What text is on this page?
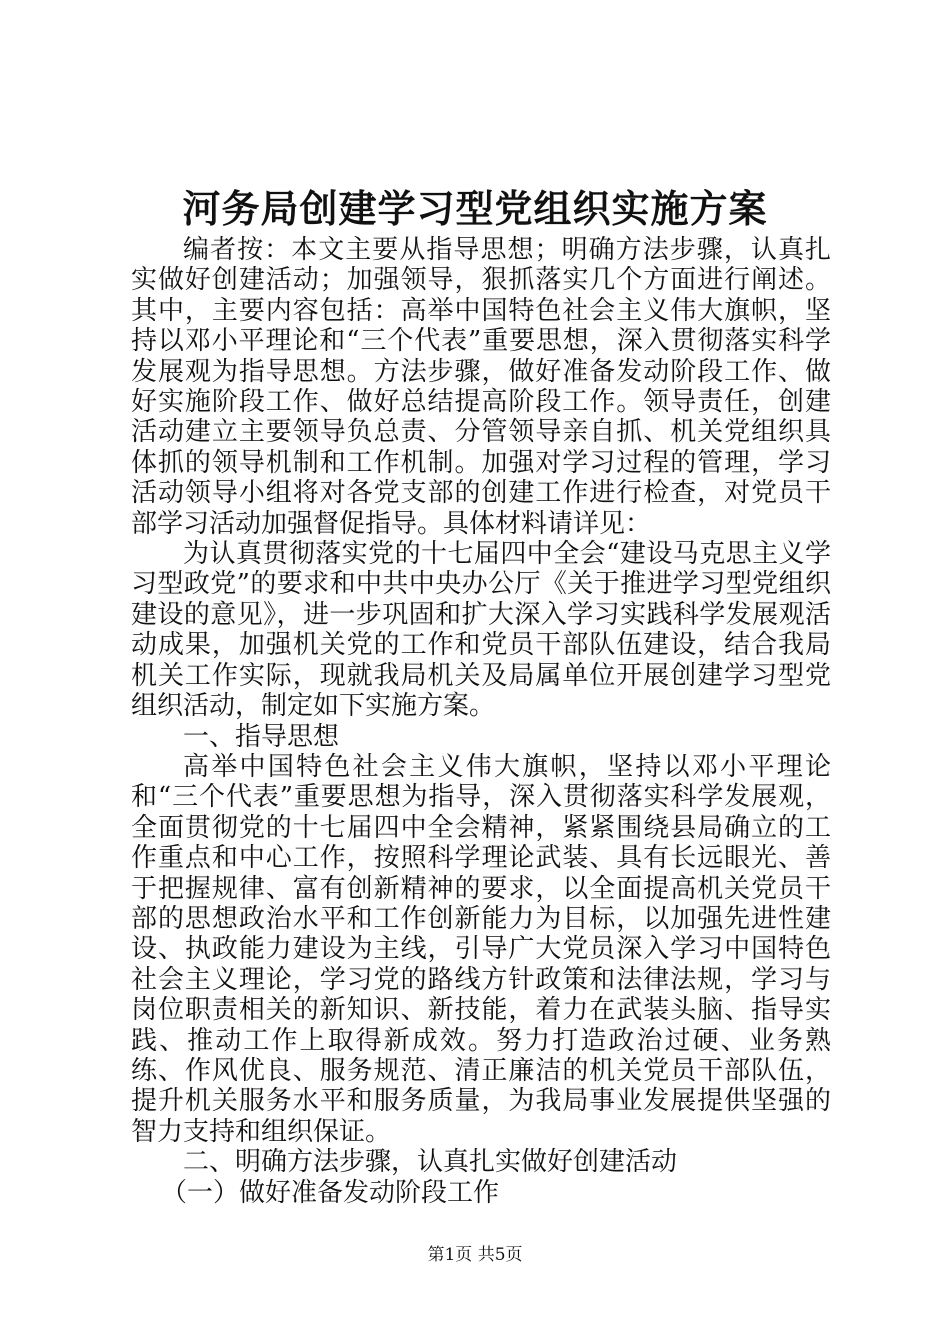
河务局创建学习型党组织实施方案

编者按：本文主要从指导思想；明确方法步骤，认真扎实做好创建活动；加强领导，狠抓落实几个方面进行阐述。其中，主要内容包括：高举中国特色社会主义伟大旗帜，坚持以邓小平理论和“三个代表”重要思想，深入贯彻落实科学发展观为指导思想。方法步骤，做好准备发动阶段工作、做好实施阶段工作、做好总结提高阶段工作。领导责任，创建活动建立主要领导负总责、分管领导亲自抓、机关党组织具体抓的领导机制和工作机制。加强对学习过程的管理，学习活动领导小组将对各党支部的创建工作进行检查，对党员干部学习活动加强督促指导。具体材料请详见：

为认真贯彻落实党的十七届四中全会“建设马克思主义学习型政党”的要求和中共中央办公厅《关于推进学习型党组织建设的意见》，进一步巩固和扩大深入学习实践科学发展观活动成果，加强机关党的工作和党员干部队伍建设，结合我局机关工作实际，现就我局机关及局属单位开展创建学习型党组织活动，制定如下实施方案。

一、指导思想

高举中国特色社会主义伟大旗帜，坚持以邓小平理论和“三个代表”重要思想为指导，深入贯彻落实科学发展观，全面贯彻党的十七届四中全会精神，紧紧围绕县局确立的工作重点和中心工作，按照科学理论武装、具有长远眼光、善于把握规律、富有创新精神的要求，以全面提高机关党员干部的思想政治水平和工作创新能力为目标，以加强先进性建设、执政能力建设为主线，引导广大党员深入学习中国特色社会主义理论，学习党的路线方针政策和法律法规，学习与岗位职责相关的新知识、新技能，着力在武装头脑、指导实践、推动工作上取得新成效。努力打造政治过硬、业务熟练、作风优良、服务规范、清正廉洁的机关党员干部队伍，提升机关服务水平和服务质量，为我局事业发展提供坚强的智力支持和组织保证。

二、明确方法步骤，认真扎实做好创建活动

（一）做好准备发动阶段工作

第1页 共5页
